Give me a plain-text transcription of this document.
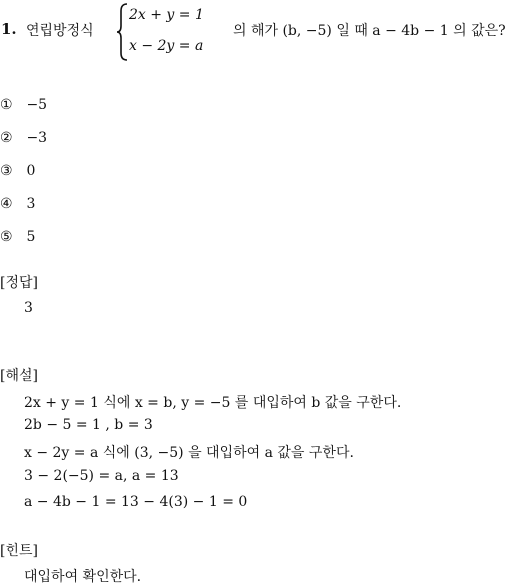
1. 연립방정식
2x + y = 1
x − 2y = a
의 해가 (b, −5) 일 때 a − 4b − 1 의 값은?
① −5
② −3
③ 0
④ 3
⑤ 5
[정답]
3
[해설]
2x + y = 1 식에 x = b, y = −5 를 대입하여 b 값을 구한다.
2b − 5 = 1 , b = 3
x − 2y = a 식에 (3, −5) 을 대입하여 a 값을 구한다.
3 − 2(−5) = a, a = 13
a − 4b − 1 = 13 − 4(3) − 1 = 0
[힌트]
대입하여 확인한다.
